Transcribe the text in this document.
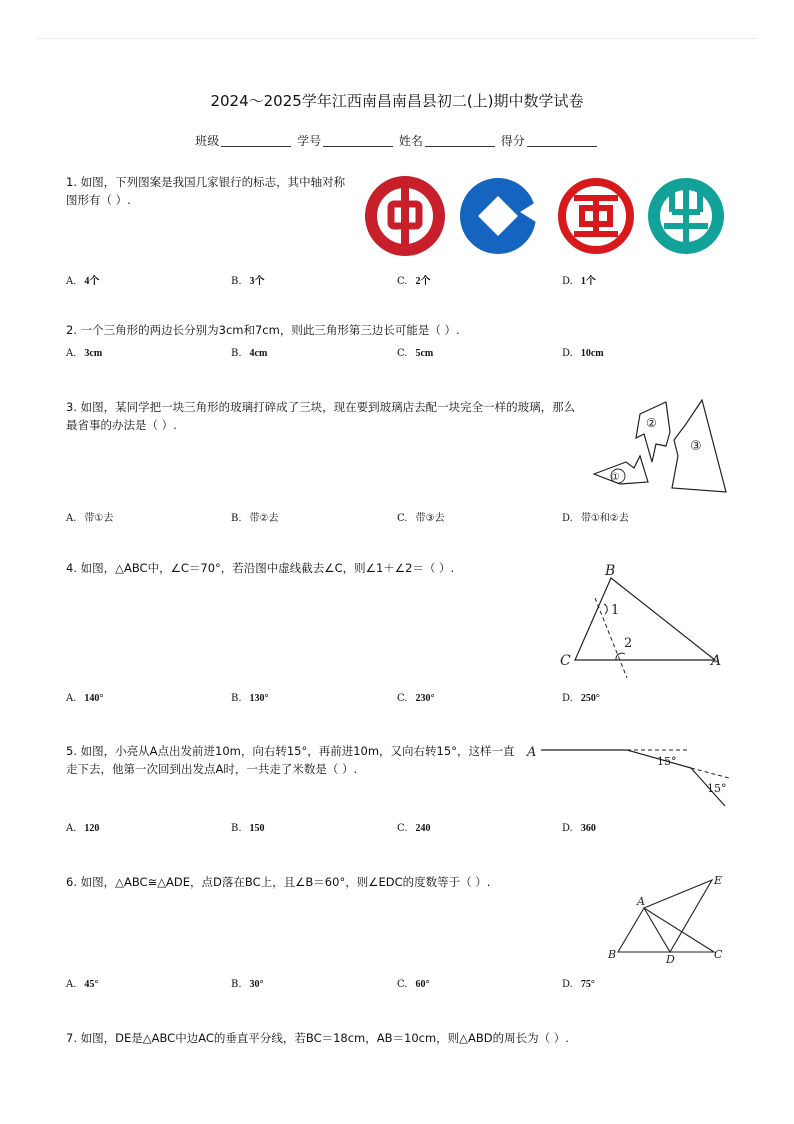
2024～2025学年江西南昌南昌县初二(上)期中数学试卷
班级	学号	姓名	得分
1. 如图，下列图案是我国几家银行的标志，其中轴对称
图形有（ ）.
A. 4个	B. 3个	C. 2个	D. 1个
2. 一个三角形的两边长分别为3cm和7cm，则此三角形第三边长可能是（ ）.
A. 3cm	B. 4cm	C. 5cm	D. 10cm
3. 如图，某同学把一块三角形的玻璃打碎成了三块，现在要到玻璃店去配一块完全一样的玻璃，那么
最省事的办法是（ ）.
①
②
③
A. 带①去	B. 带②去	C. 带③去	D. 带①和②去
4. 如图，△ABC中，∠C＝70°，若沿图中虚线截去∠C，则∠1＋∠2＝（ ）.	B
C	A
1
2
A. 140°	B. 130°	C. 230°	D. 250°
5. 如图，小亮从A点出发前进10m，向右转15°，再前进10m，又向右转15°，这样一直
走下去，他第一次回到出发点A时，一共走了米数是（ ）.
A
15°
15°
A. 120	B. 150	C. 240	D. 360
6. 如图，△ABC≅△ADE，点D落在BC上，且∠B＝60°，则∠EDC的度数等于（ ）.
A
B	C
D
E
A. 45°	B. 30°	C. 60°	D. 75°
7. 如图，DE是△ABC中边AC的垂直平分线，若BC＝18cm，AB＝10cm，则△ABD的周长为（ ）.
